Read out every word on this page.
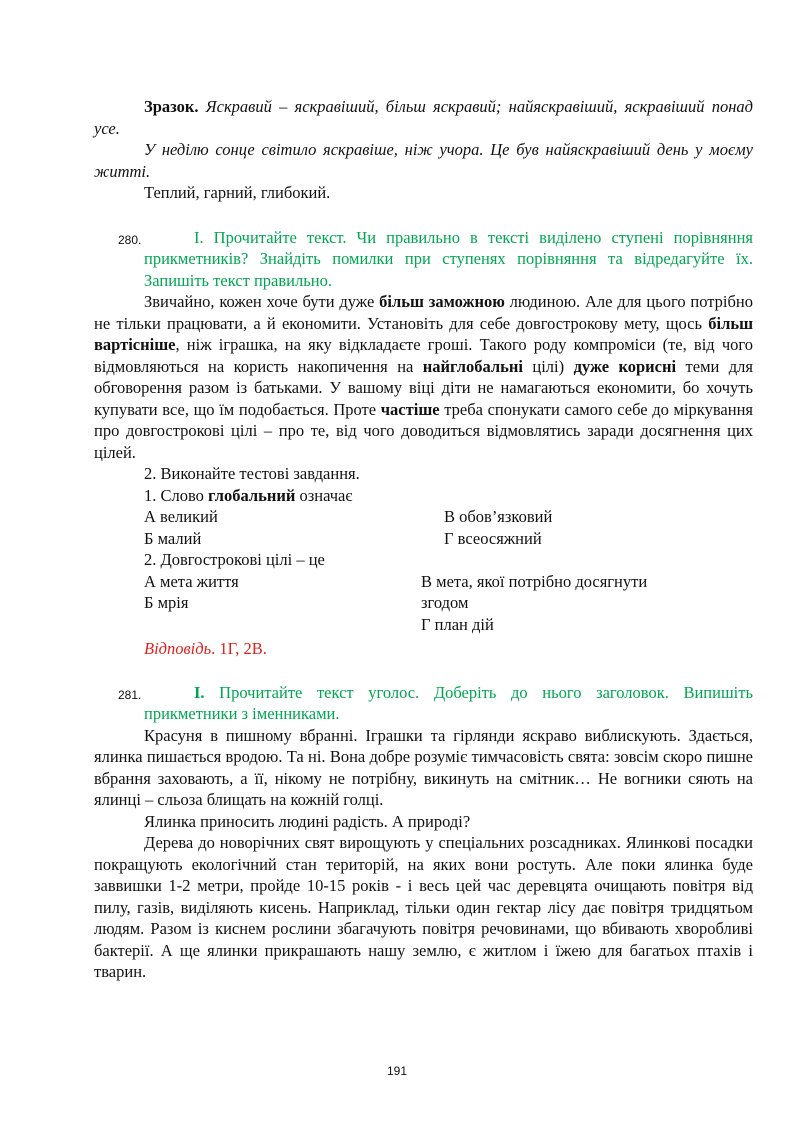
Зразок. Яскравий – яскравіший, більш яскравий; найяскравіший, яскравіший понад усе.

У неділю сонце світило яскравіше, ніж учора. Це був найяскравіший день у моєму житті.

Теплий, гарний, глибокий.

280.	І. Прочитайте текст. Чи правильно в тексті виділено ступені порівняння прикметників? Знайдіть помилки при ступенях порівняння та відредагуйте їх. Запишіть текст правильно.

Звичайно, кожен хоче бути дуже більш заможною людиною. Але для цього потрібно не тільки працювати, а й економити. Установіть для себе довгострокову мету, щось більш вартісніше, ніж іграшка, на яку відкладаєте гроші. Такого роду компроміси (те, від чого відмовляються на користь накопичення на найглобальні цілі) дуже корисні теми для обговорення разом із батьками. У вашому віці діти не намагаються економити, бо хочуть купувати все, що їм подобається. Проте частіше треба спонукати самого себе до міркування про довгострокові цілі – про те, від чого доводиться відмовлятись заради досягнення цих цілей.

2. Виконайте тестові завдання.

1. Слово глобальний означає

А великий	В обов’язковий
Б малий	Г всеосяжний

2. Довгострокові цілі – це

А мета життя	В мета, якої потрібно досягнути
Б мрія	згодом
Г план дій

Відповідь. 1Г, 2В.

281.	І. Прочитайте текст уголос. Доберіть до нього заголовок. Випишіть прикметники з іменниками.

Красуня в пишному вбранні. Іграшки та гірлянди яскраво виблискують. Здається, ялинка пишається вродою. Та ні. Вона добре розуміє тимчасовість свята: зовсім скоро пишне вбрання заховають, а її, нікому не потрібну, викинуть на смітник… Не вогники сяють на ялинці – сльоза блищать на кожній голці.

Ялинка приносить людині радість. А природі?

Дерева до новорічних свят вирощують у спеціальних розсадниках. Ялинкові посадки покращують екологічний стан територій, на яких вони ростуть. Але поки ялинка буде заввишки 1-2 метри, пройде 10-15 років - і весь цей час деревцята очищають повітря від пилу, газів, виділяють кисень. Наприклад, тільки один гектар лісу дає повітря тридцятьом людям. Разом із киснем рослини збагачують повітря речовинами, що вбивають хворобливі бактерії. А ще ялинки прикрашають нашу землю, є житлом і їжею для багатьох птахів і тварин.

191
